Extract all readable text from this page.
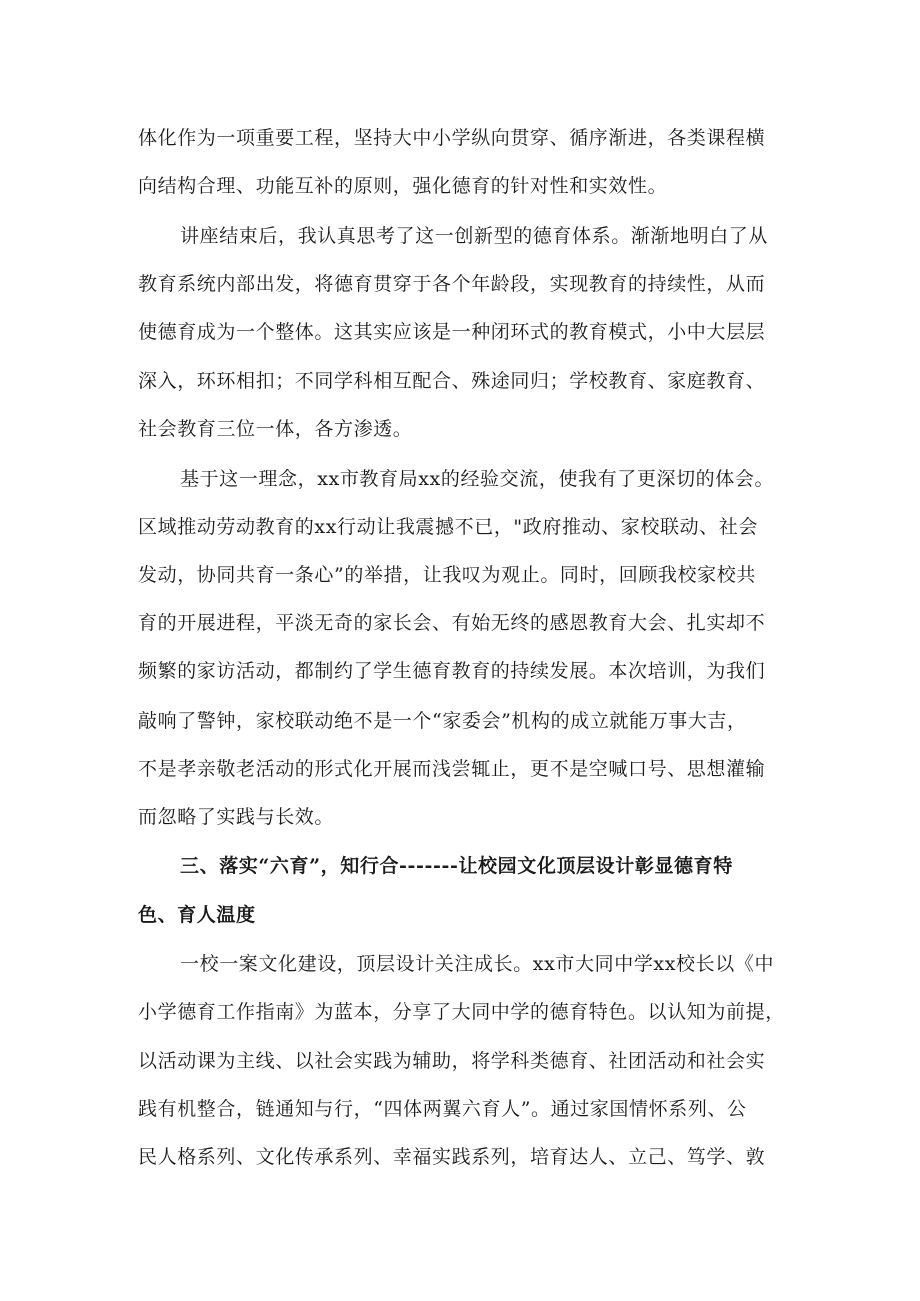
体化作为一项重要工程，坚持大中小学纵向贯穿、循序渐进，各类课程横
向结构合理、功能互补的原则，强化德育的针对性和实效性。
讲座结束后，我认真思考了这一创新型的德育体系。渐渐地明白了从
教育系统内部出发，将德育贯穿于各个年龄段，实现教育的持续性，从而
使德育成为一个整体。这其实应该是一种闭环式的教育模式，小中大层层
深入，环环相扣；不同学科相互配合、殊途同归；学校教育、家庭教育、
社会教育三位一体，各方渗透。
基于这一理念，xx市教育局xx的经验交流，使我有了更深切的体会。
区域推动劳动教育的xx行动让我震撼不已，"政府推动、家校联动、社会
发动，协同共育一条心”的举措，让我叹为观止。同时，回顾我校家校共
育的开展进程，平淡无奇的家长会、有始无终的感恩教育大会、扎实却不
频繁的家访活动，都制约了学生德育教育的持续发展。本次培训，为我们
敲响了警钟，家校联动绝不是一个“家委会”机构的成立就能万事大吉，
不是孝亲敬老活动的形式化开展而浅尝辄止，更不是空喊口号、思想灌输
而忽略了实践与长效。
三、落实“六育”，知行合-------让校园文化顶层设计彰显德育特
色、育人温度
一校一案文化建设，顶层设计关注成长。xx市大同中学xx校长以《中
小学德育工作指南》为蓝本，分享了大同中学的德育特色。以认知为前提，
以活动课为主线、以社会实践为辅助，将学科类德育、社团活动和社会实
践有机整合，链通知与行，“四体两翼六育人”。通过家国情怀系列、公
民人格系列、文化传承系列、幸福实践系列，培育达人、立己、笃学、敦
